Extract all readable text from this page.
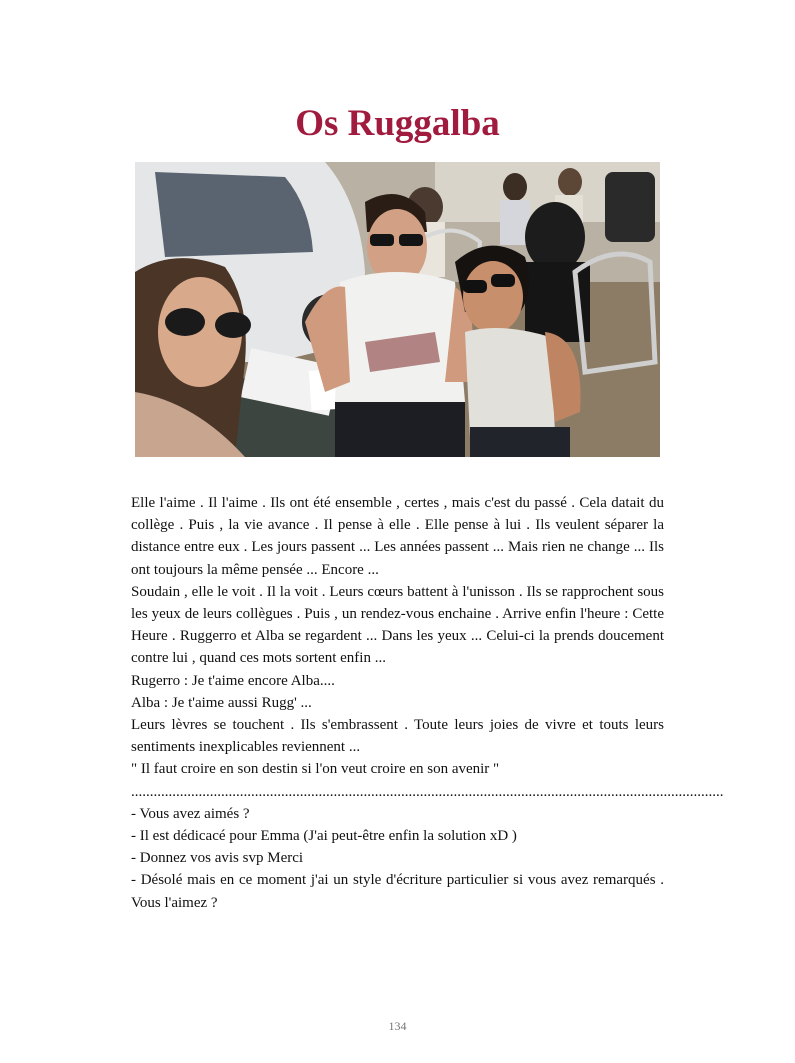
Os Ruggalba

Elle l'aime . Il l'aime . Ils ont été ensemble , certes , mais c'est du passé . Cela datait du collège . Puis , la vie avance . Il pense à elle . Elle pense à lui . Ils veulent séparer la distance entre eux . Les jours passent ... Les années passent ... Mais rien ne change ... Ils ont toujours la même pensée ... Encore ...

Soudain , elle le voit . Il la voit . Leurs cœurs battent à l'unisson . Ils se rapprochent sous les yeux de leurs collègues . Puis , un rendez-vous enchaine . Arrive enfin l'heure : Cette Heure . Ruggerro et Alba se regardent ... Dans les yeux ... Celui-ci la prends doucement contre lui , quand ces mots sortent enfin ...

Rugerro : Je t'aime encore Alba....

Alba : Je t'aime aussi Rugg' ...

Leurs lèvres se touchent . Ils s'embrassent . Toute leurs joies de vivre et touts leurs sentiments inexplicables reviennent ...

" Il faut croire en son destin si l'on veut croire en son avenir "

..............................................................................................................................................................

- Vous avez aimés ?

- Il est dédicacé pour Emma (J'ai peut-être enfin la solution xD )

- Donnez vos avis svp Merci

- Désolé mais en ce moment j'ai un style d'écriture particulier si vous avez remarqués . Vous l'aimez ?

134
